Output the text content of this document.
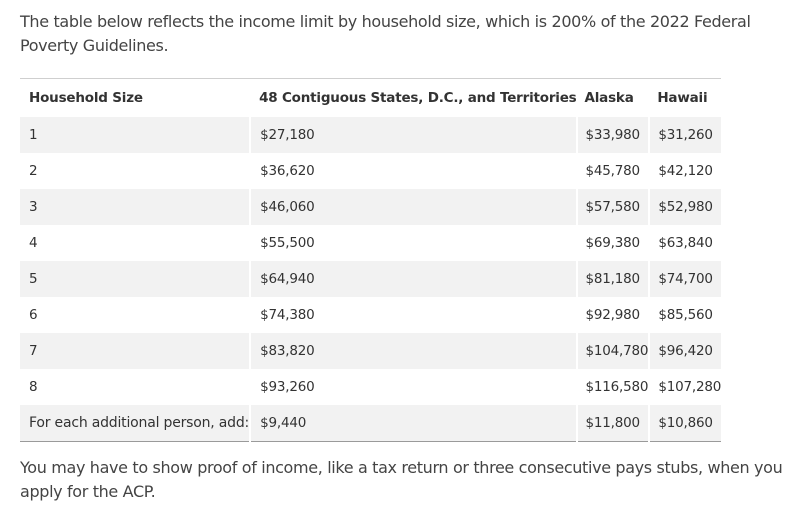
The table below reflects the income limit by household size, which is 200% of the 2022 Federal Poverty Guidelines.

Household Size	48 Contiguous States, D.C., and Territories	Alaska	Hawaii
1	$27,180	$33,980	$31,260
2	$36,620	$45,780	$42,120
3	$46,060	$57,580	$52,980
4	$55,500	$69,380	$63,840
5	$64,940	$81,180	$74,700
6	$74,380	$92,980	$85,560
7	$83,820	$104,780	$96,420
8	$93,260	$116,580	$107,280
For each additional person, add:	$9,440	$11,800	$10,860

You may have to show proof of income, like a tax return or three consecutive pays stubs, when you apply for the ACP.
